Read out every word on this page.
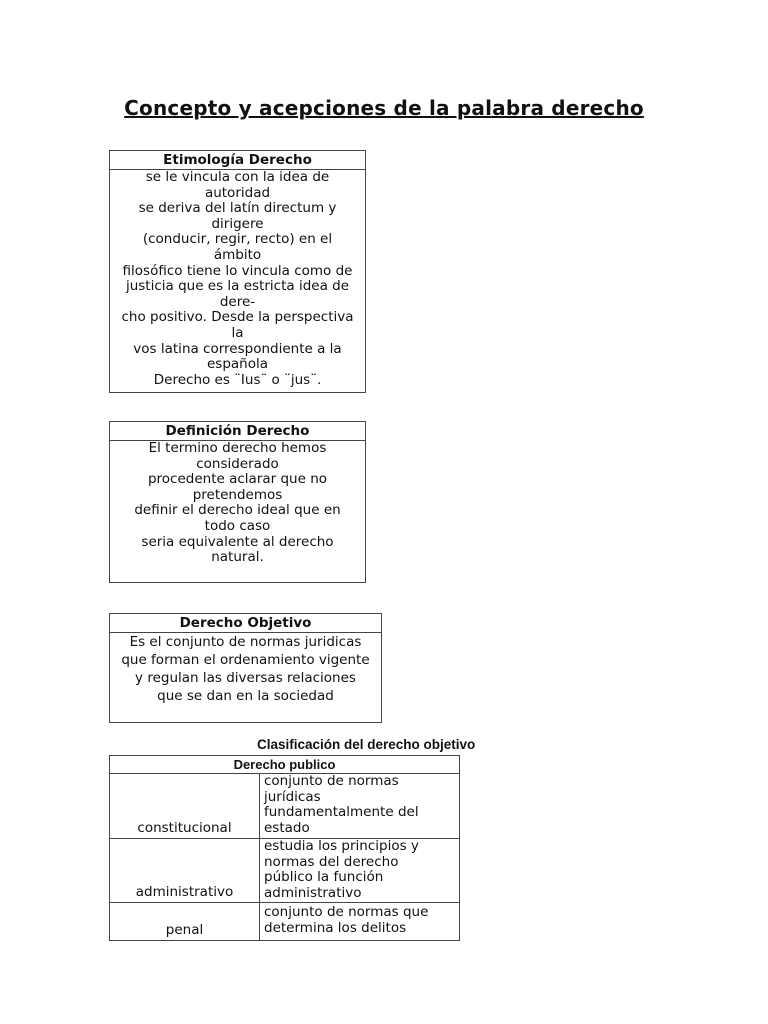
Concepto y acepciones de la palabra derecho
Etimología Derecho
se le vincula con la idea de
autoridad
se deriva del latín directum y
dirigere
(conducir, regir, recto) en el
ámbito
filosófico tiene lo vincula como de
justicia que es la estricta idea de
dere-
cho positivo. Desde la perspectiva
la
vos latina correspondiente a la
española
Derecho es ¨Ius¨ o ¨jus¨.
Definición Derecho
El termino derecho hemos
considerado
procedente aclarar que no
pretendemos
definir el derecho ideal que en
todo caso
seria equivalente al derecho
natural.
Derecho Objetivo
Es el conjunto de normas juridicas
que forman el ordenamiento vigente
y regulan las diversas relaciones
que se dan en la sociedad
Clasificación del derecho objetivo
Derecho publico	
constitucional	conjunto de normas
jurídicas
fundamentalmente del
estado

administrativo	estudia los principios y
normas del derecho
público la función
administrativo

penal	conjunto de normas que
determina los delitos
